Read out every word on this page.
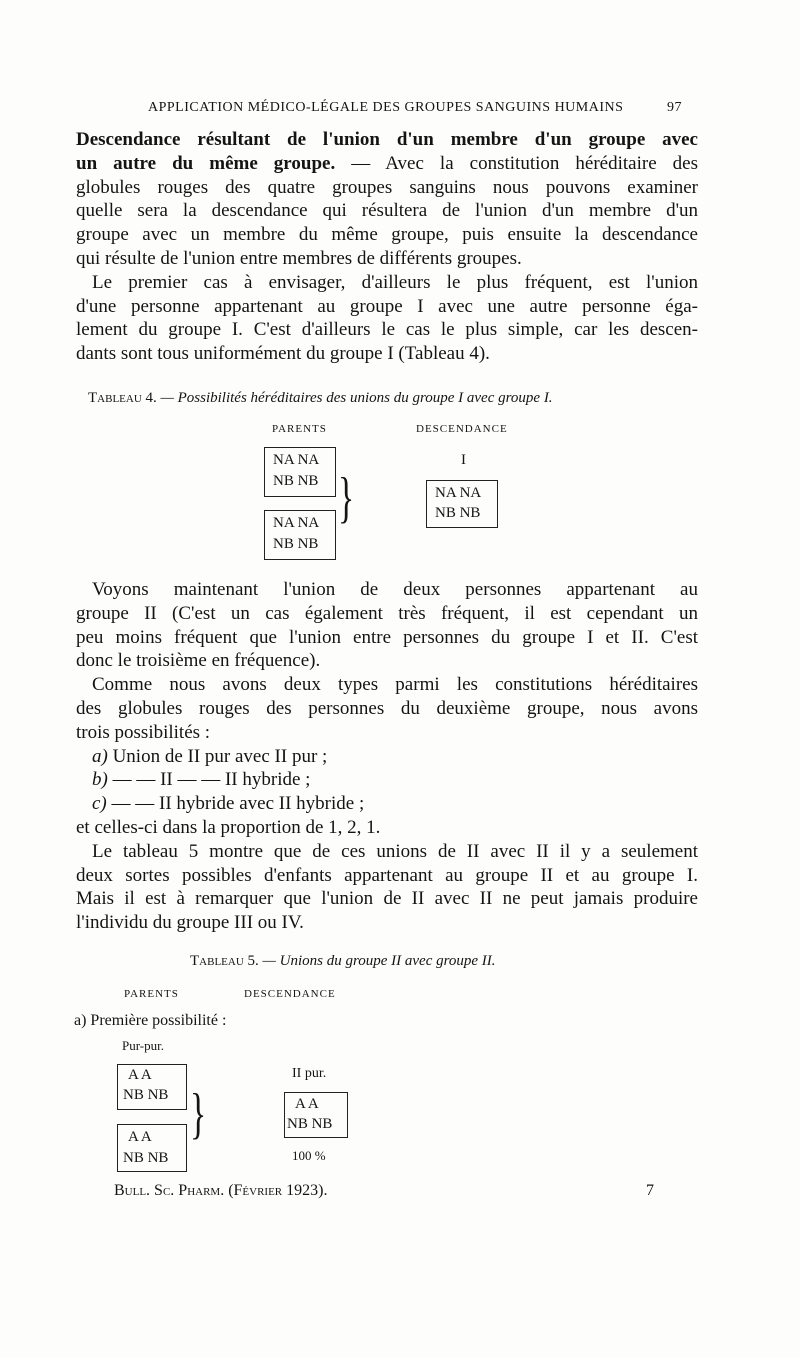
APPLICATION MÉDICO-LÉGALE DES GROUPES SANGUINS HUMAINS	97
Descendance résultant de l'union d'un membre d'un groupe avec
un autre du même groupe. — Avec la constitution héréditaire des
globules rouges des quatre groupes sanguins nous pouvons examiner
quelle sera la descendance qui résultera de l'union d'un membre d'un
groupe avec un membre du même groupe, puis ensuite la descendance
qui résulte de l'union entre membres de différents groupes.
Le premier cas à envisager, d'ailleurs le plus fréquent, est l'union
d'une personne appartenant au groupe I avec une autre personne éga-
lement du groupe I. C'est d'ailleurs le cas le plus simple, car les descen-
dants sont tous uniformément du groupe I (Tableau 4).
Tableau 4. — Possibilités héréditaires des unions du groupe I avec groupe I.
PARENTS	DESCENDANCE
NA NA
NB NB
NA NA
NB NB
}
I
NA NA
NB NB
Voyons maintenant l'union de deux personnes appartenant au
groupe II (C'est un cas également très fréquent, il est cependant un
peu moins fréquent que l'union entre personnes du groupe I et II. C'est
donc le troisième en fréquence).
Comme nous avons deux types parmi les constitutions héréditaires
des globules rouges des personnes du deuxième groupe, nous avons
trois possibilités :
a) Union de II pur avec II pur ;
b) — — II — — II hybride ;
c) — — II hybride avec II hybride ;
et celles-ci dans la proportion de 1, 2, 1.
Le tableau 5 montre que de ces unions de II avec II il y a seulement
deux sortes possibles d'enfants appartenant au groupe II et au groupe I.
Mais il est à remarquer que l'union de II avec II ne peut jamais produire
l'individu du groupe III ou IV.
Tableau 5. — Unions du groupe II avec groupe II.
PARENTS	DESCENDANCE
a) Première possibilité :
Pur-pur.
A A
NB NB
A A
NB NB
}
II pur.
A A
NB NB
100 %
Bull. Sc. Pharm. (Février 1923).	7
